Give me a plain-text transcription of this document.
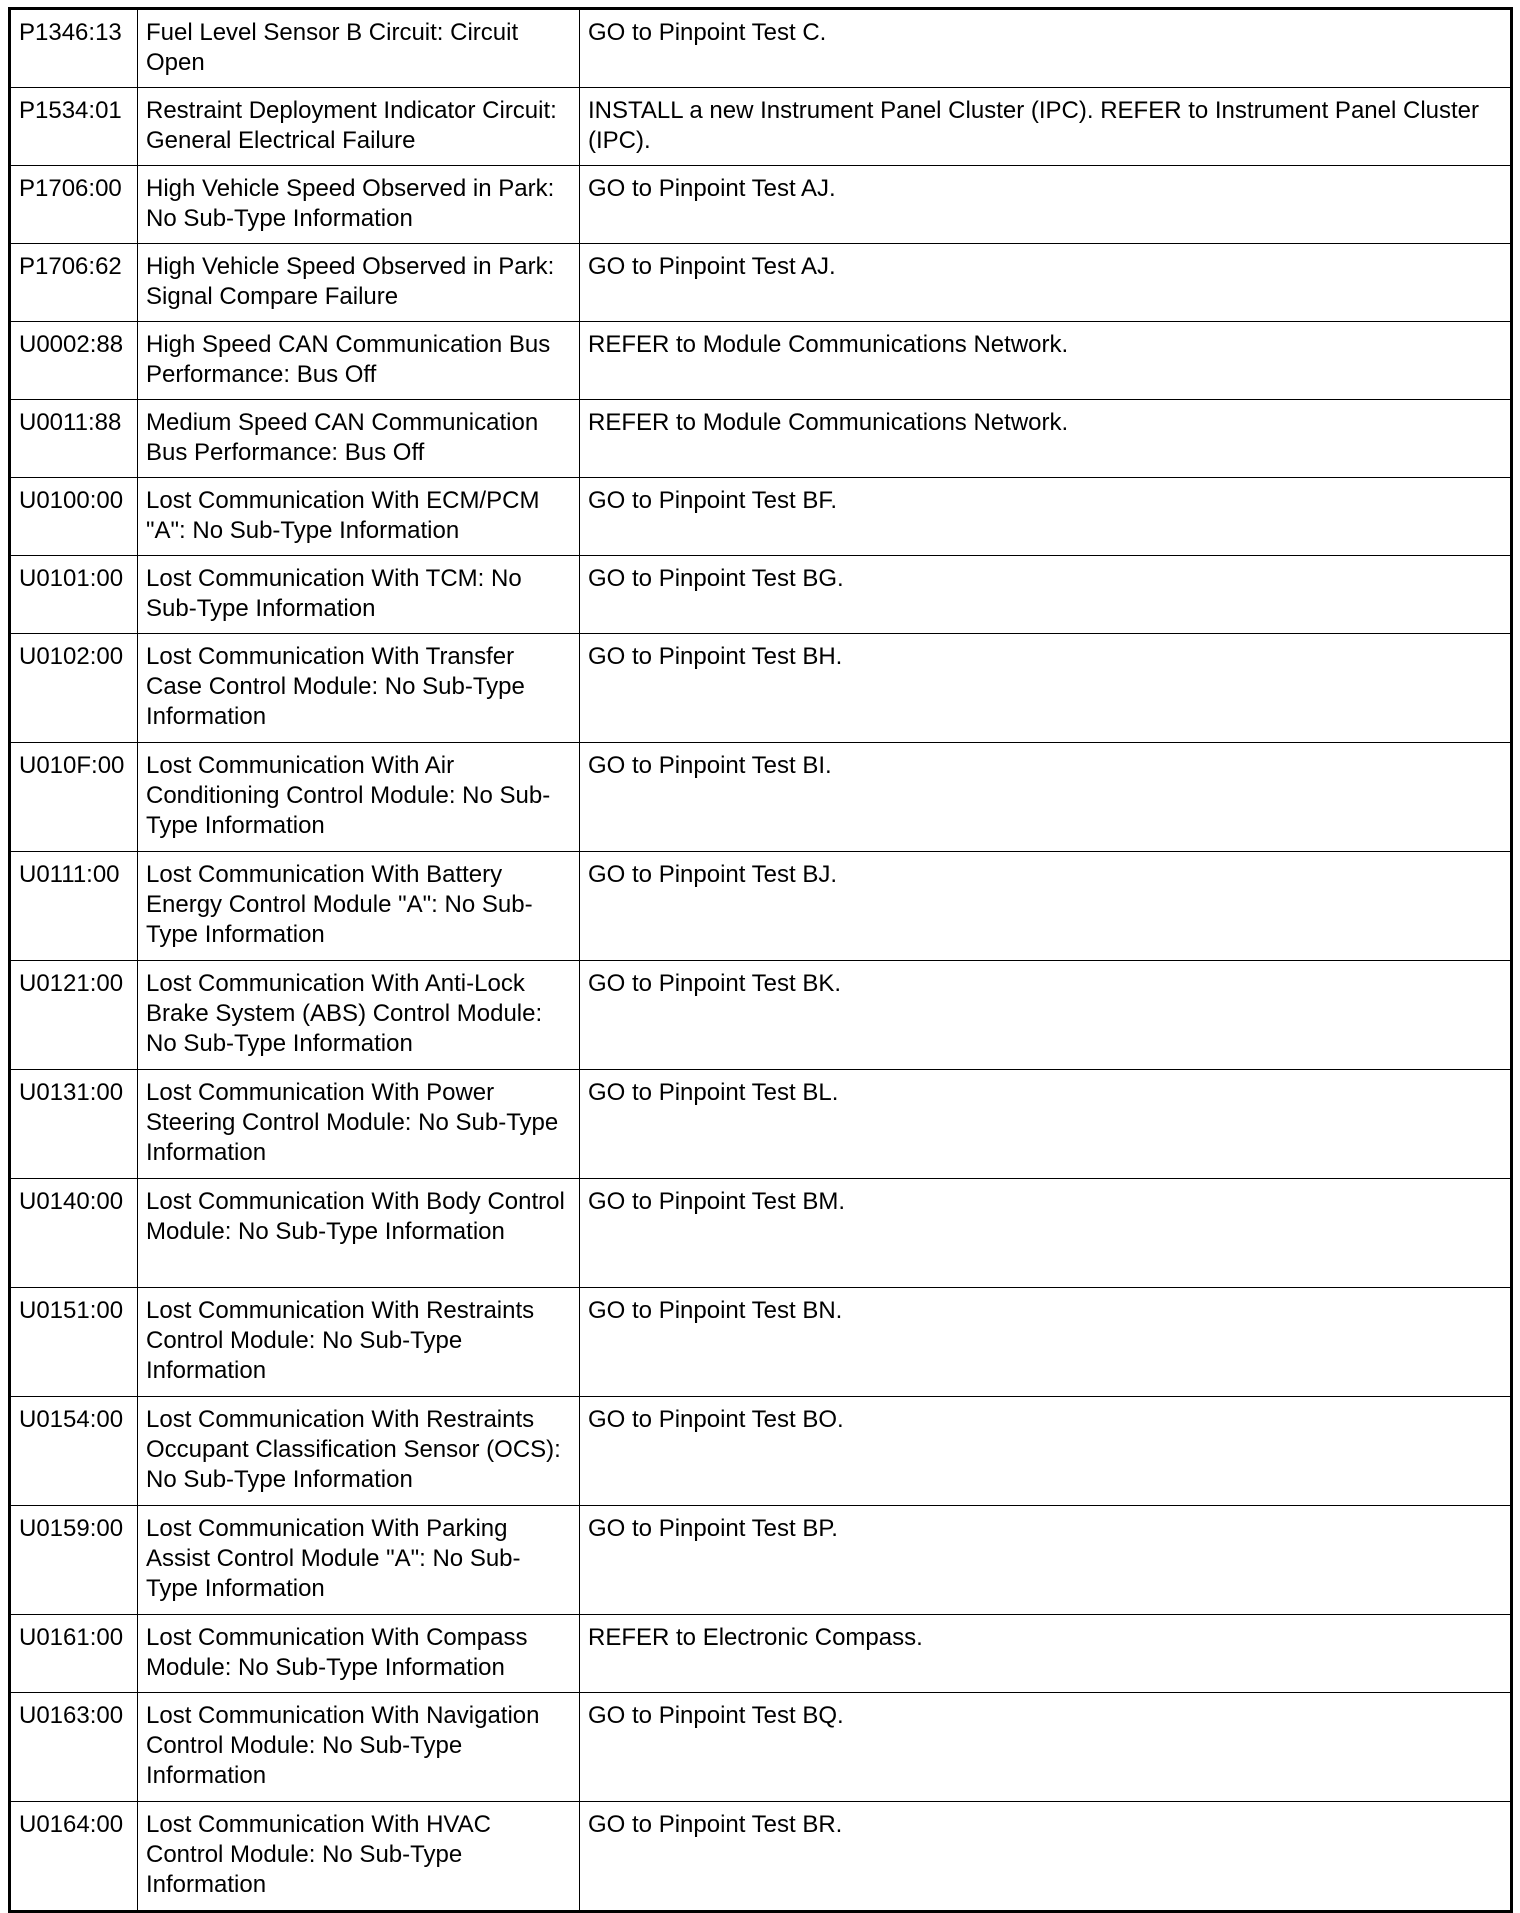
P1346:13	Fuel Level Sensor B Circuit: Circuit Open	GO to Pinpoint Test C.
P1534:01	Restraint Deployment Indicator Circuit: General Electrical Failure	INSTALL a new Instrument Panel Cluster (IPC). REFER to Instrument Panel Cluster (IPC).
P1706:00	High Vehicle Speed Observed in Park: No Sub-Type Information	GO to Pinpoint Test AJ.
P1706:62	High Vehicle Speed Observed in Park: Signal Compare Failure	GO to Pinpoint Test AJ.
U0002:88	High Speed CAN Communication Bus Performance: Bus Off	REFER to Module Communications Network.
U0011:88	Medium Speed CAN Communication Bus Performance: Bus Off	REFER to Module Communications Network.
U0100:00	Lost Communication With ECM/PCM "A": No Sub-Type Information	GO to Pinpoint Test BF.
U0101:00	Lost Communication With TCM: No Sub-Type Information	GO to Pinpoint Test BG.
U0102:00	Lost Communication With Transfer Case Control Module: No Sub-Type Information	GO to Pinpoint Test BH.
U010F:00	Lost Communication With Air Conditioning Control Module: No Sub-Type Information	GO to Pinpoint Test BI.
U0111:00	Lost Communication With Battery Energy Control Module "A": No Sub-Type Information	GO to Pinpoint Test BJ.
U0121:00	Lost Communication With Anti-Lock Brake System (ABS) Control Module: No Sub-Type Information	GO to Pinpoint Test BK.
U0131:00	Lost Communication With Power Steering Control Module: No Sub-Type Information	GO to Pinpoint Test BL.
U0140:00	Lost Communication With Body Control Module: No Sub-Type Information	GO to Pinpoint Test BM.
U0151:00	Lost Communication With Restraints Control Module: No Sub-Type Information	GO to Pinpoint Test BN.
U0154:00	Lost Communication With Restraints Occupant Classification Sensor (OCS): No Sub-Type Information	GO to Pinpoint Test BO.
U0159:00	Lost Communication With Parking Assist Control Module "A": No Sub-Type Information	GO to Pinpoint Test BP.
U0161:00	Lost Communication With Compass Module: No Sub-Type Information	REFER to Electronic Compass.
U0163:00	Lost Communication With Navigation Control Module: No Sub-Type Information	GO to Pinpoint Test BQ.
U0164:00	Lost Communication With HVAC Control Module: No Sub-Type Information	GO to Pinpoint Test BR.
